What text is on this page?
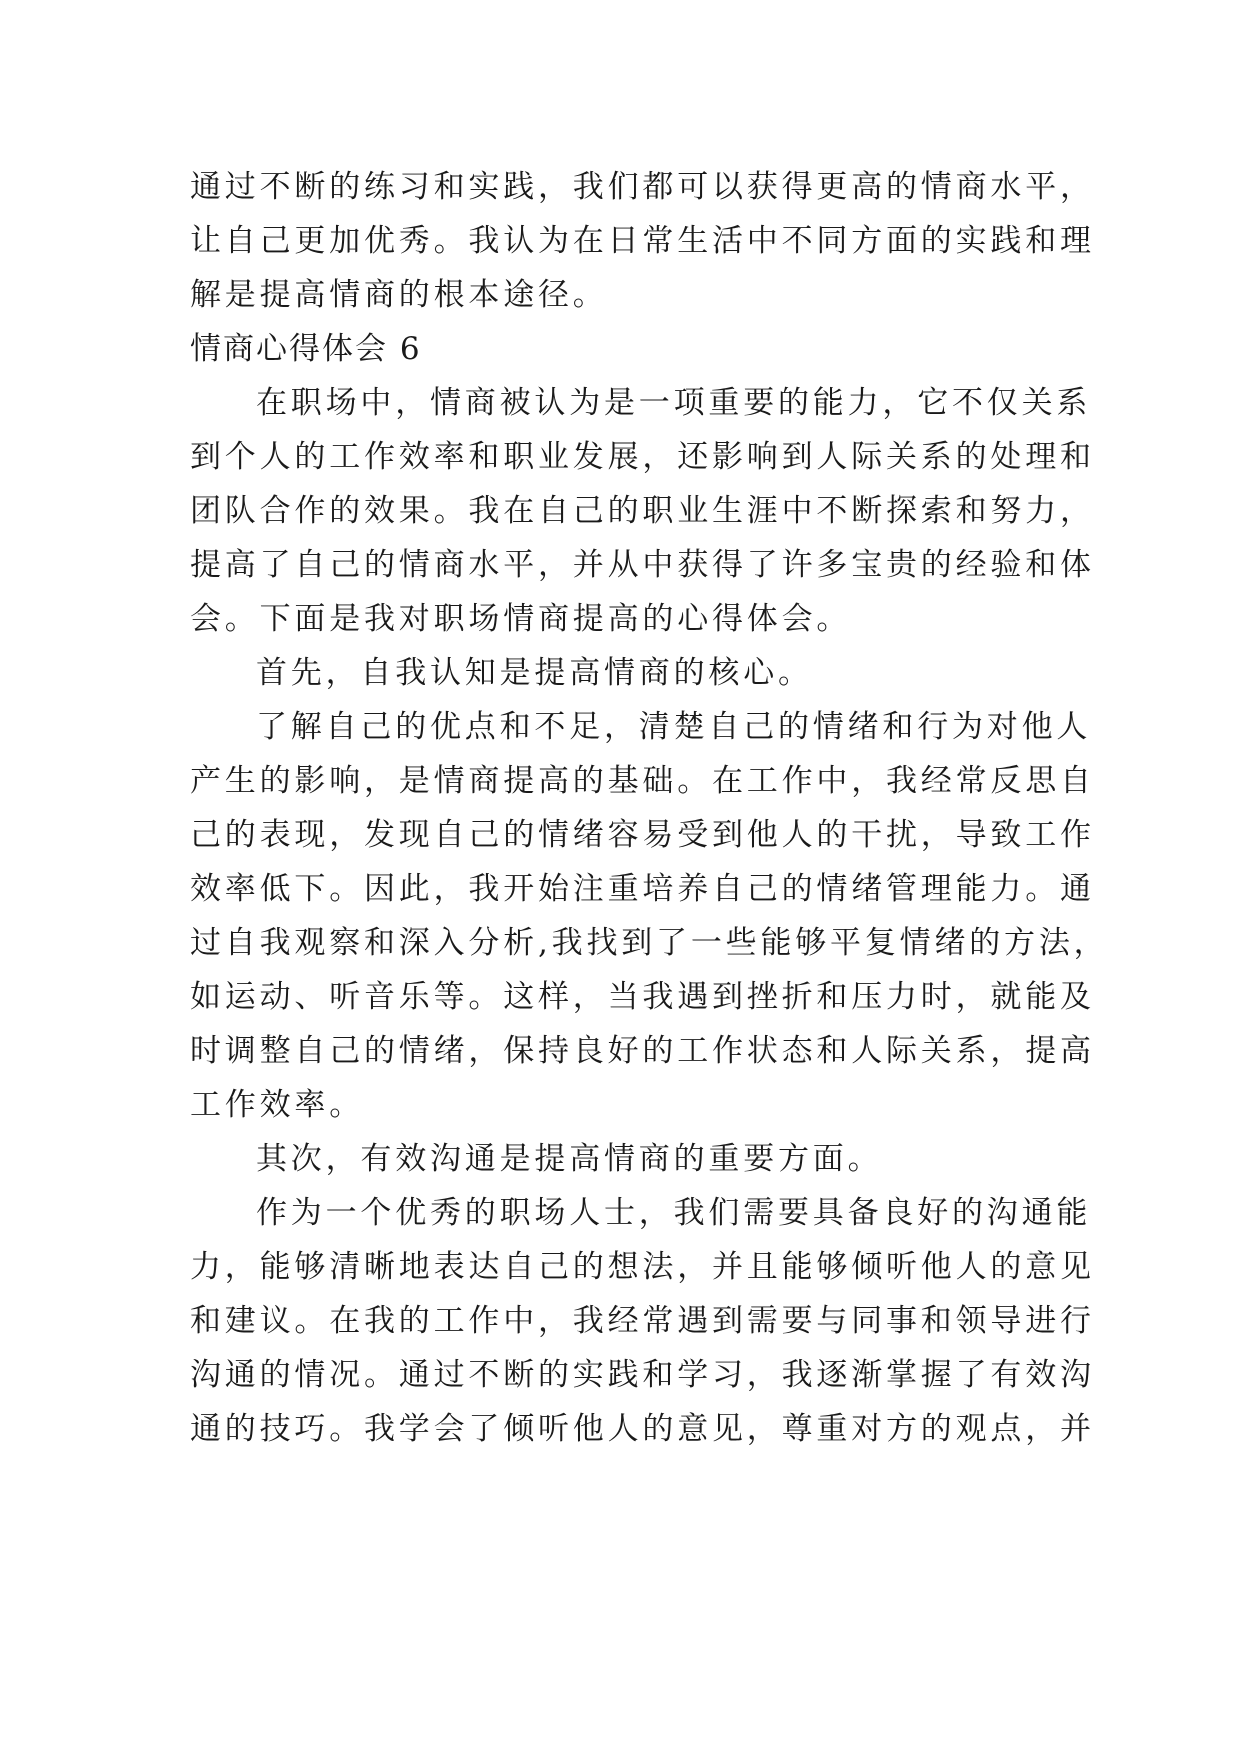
通过不断的练习和实践，我们都可以获得更高的情商水平，
让自己更加优秀。我认为在日常生活中不同方面的实践和理
解是提高情商的根本途径。
情商心得体会 6
在职场中，情商被认为是一项重要的能力，它不仅关系
到个人的工作效率和职业发展，还影响到人际关系的处理和
团队合作的效果。我在自己的职业生涯中不断探索和努力，
提高了自己的情商水平，并从中获得了许多宝贵的经验和体
会。下面是我对职场情商提高的心得体会。
首先，自我认知是提高情商的核心。
了解自己的优点和不足，清楚自己的情绪和行为对他人
产生的影响，是情商提高的基础。在工作中，我经常反思自
己的表现，发现自己的情绪容易受到他人的干扰，导致工作
效率低下。因此，我开始注重培养自己的情绪管理能力。通
过自我观察和深入分析,我找到了一些能够平复情绪的方法，
如运动、听音乐等。这样，当我遇到挫折和压力时，就能及
时调整自己的情绪，保持良好的工作状态和人际关系，提高
工作效率。
其次，有效沟通是提高情商的重要方面。
作为一个优秀的职场人士，我们需要具备良好的沟通能
力，能够清晰地表达自己的想法，并且能够倾听他人的意见
和建议。在我的工作中，我经常遇到需要与同事和领导进行
沟通的情况。通过不断的实践和学习，我逐渐掌握了有效沟
通的技巧。我学会了倾听他人的意见，尊重对方的观点，并
